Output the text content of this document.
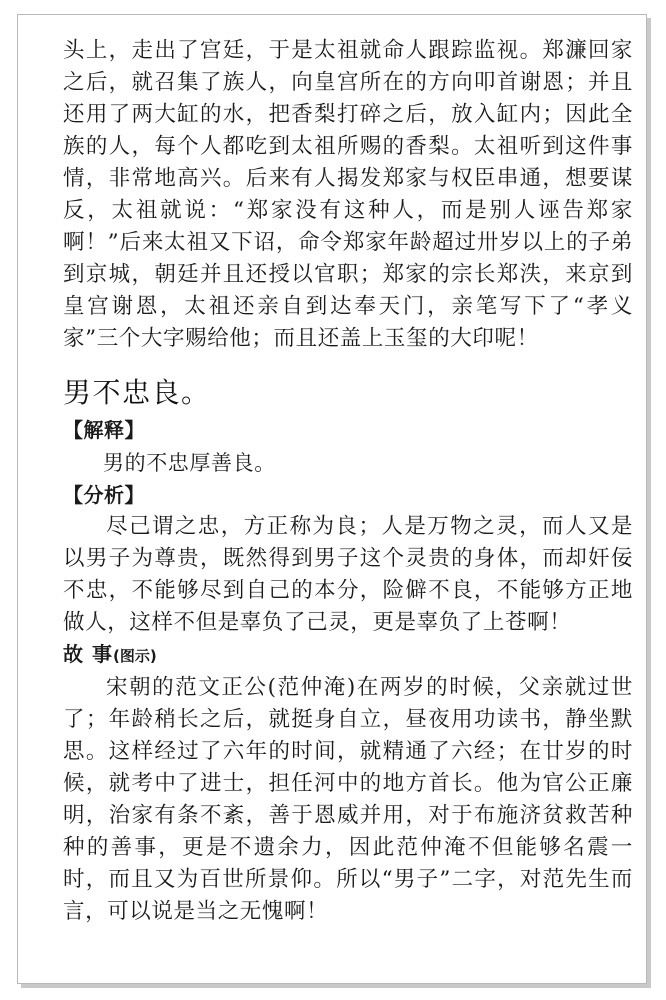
头上，走出了宫廷，于是太祖就命人跟踪监视。郑濂回家之后，就召集了族人，向皇宫所在的方向叩首谢恩；并且还用了两大缸的水，把香梨打碎之后，放入缸内；因此全族的人，每个人都吃到太祖所赐的香梨。太祖听到这件事情，非常地高兴。后来有人揭发郑家与权臣串通，想要谋反，太祖就说：“郑家没有这种人，而是别人诬告郑家啊！”后来太祖又下诏，命令郑家年龄超过卅岁以上的子弟到京城，朝廷并且还授以官职；郑家的宗长郑泆，来京到皇宫谢恩，太祖还亲自到达奉天门，亲笔写下了“孝义家”三个大字赐给他；而且还盖上玉玺的大印呢！

男不忠良。

【解释】

男的不忠厚善良。

【分析】

尽己谓之忠，方正称为良；人是万物之灵，而人又是以男子为尊贵，既然得到男子这个灵贵的身体，而却奸佞不忠，不能够尽到自己的本分，险僻不良，不能够方正地做人，这样不但是辜负了己灵，更是辜负了上苍啊！

故 事(图示)

宋朝的范文正公(范仲淹)在两岁的时候，父亲就过世了；年龄稍长之后，就挺身自立，昼夜用功读书，静坐默思。这样经过了六年的时间，就精通了六经；在廿岁的时候，就考中了进士，担任河中的地方首长。他为官公正廉明，治家有条不紊，善于恩威并用，对于布施济贫救苦种种的善事，更是不遗余力，因此范仲淹不但能够名震一时，而且又为百世所景仰。所以“男子”二字，对范先生而言，可以说是当之无愧啊！
